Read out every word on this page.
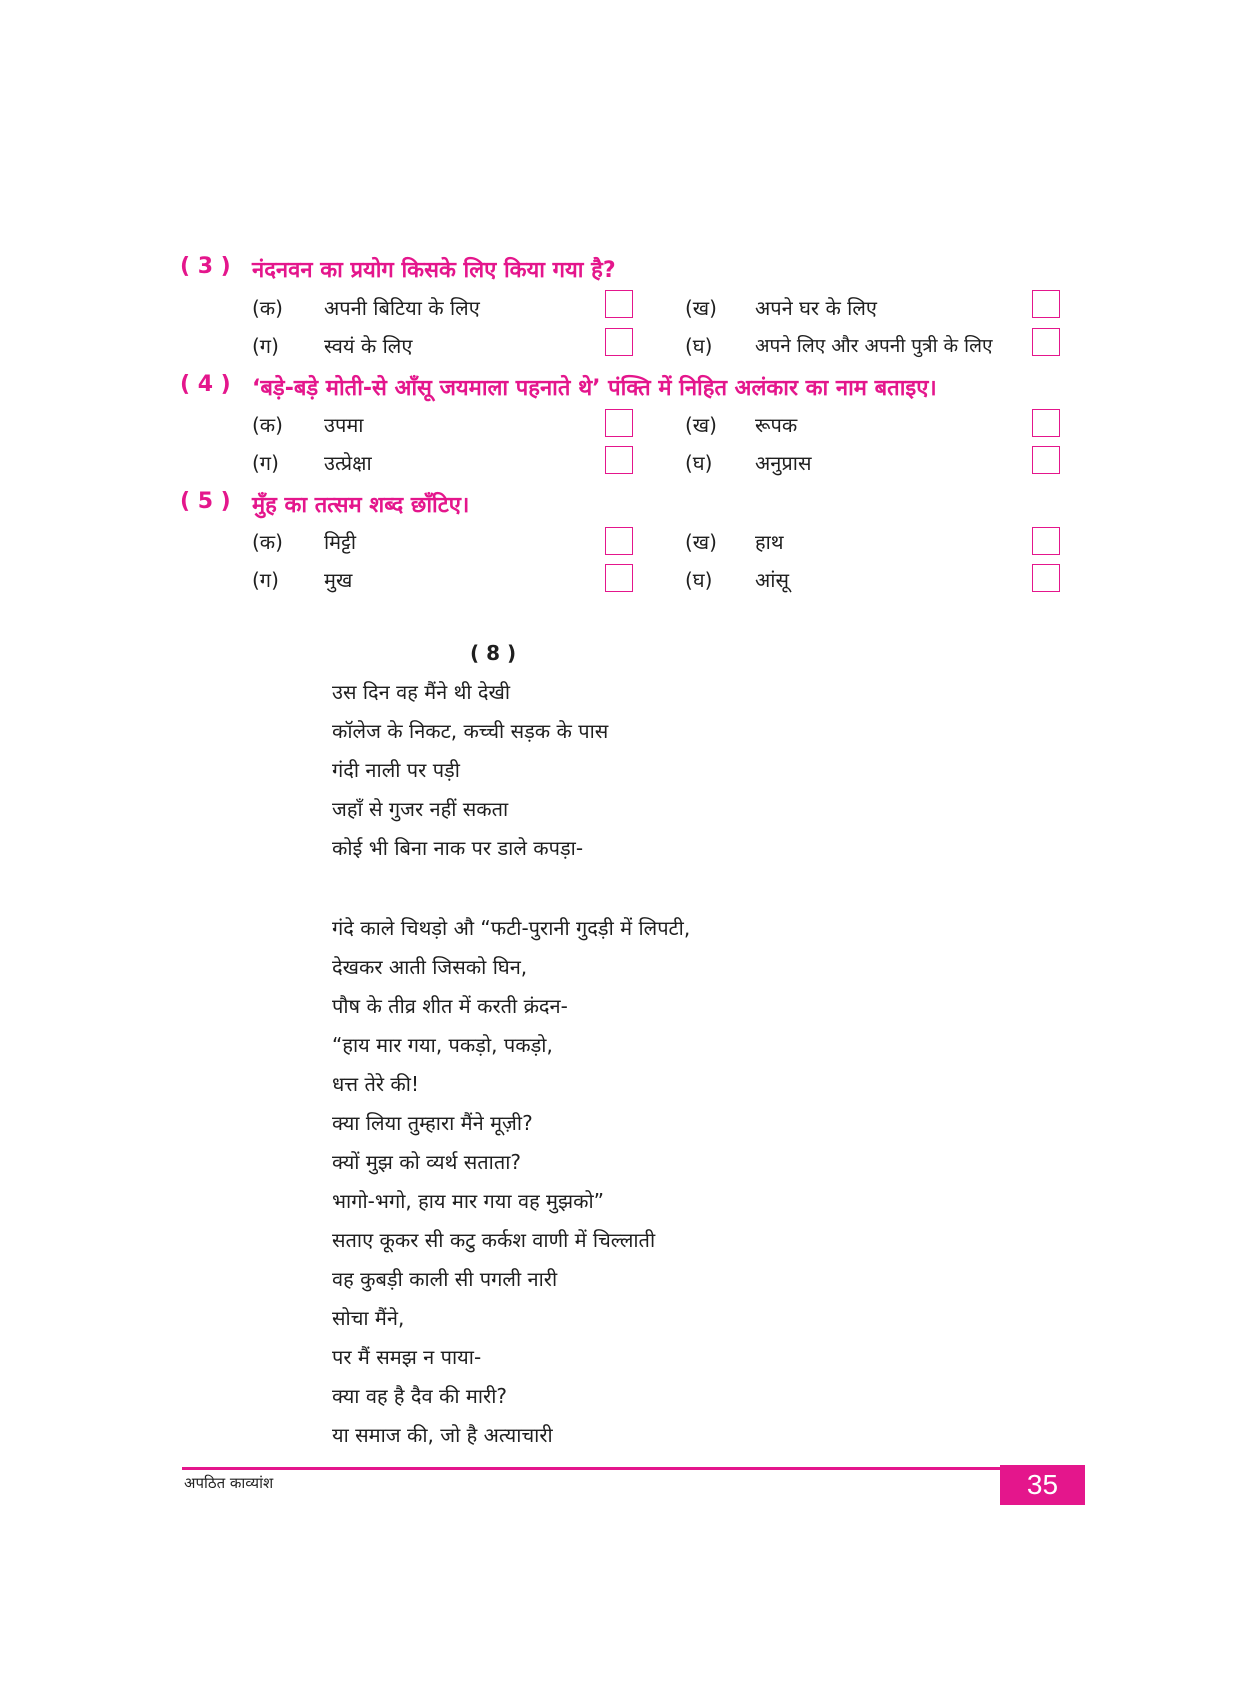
( 3 ) नंदनवन का प्रयोग किसके लिए किया गया है?
(क) अपनी बिटिया के लिए	(ख) अपने घर के लिए
(ग) स्वयं के लिए	(घ) अपने लिए और अपनी पुत्री के लिए
( 4 ) ‘बड़े-बड़े मोती-से आँसू जयमाला पहनाते थे’ पंक्ति में निहित अलंकार का नाम बताइए।
(क) उपमा	(ख) रूपक
(ग) उत्प्रेक्षा	(घ) अनुप्रास
( 5 ) मुँह का तत्सम शब्द छाँटिए।
(क) मिट्टी	(ख) हाथ
(ग) मुख	(घ) आंसू
( 8 )
उस दिन वह मैंने थी देखी
कॉलेज के निकट, कच्ची सड़क के पास
गंदी नाली पर पड़ी
जहाँ से गुजर नहीं सकता
कोई भी बिना नाक पर डाले कपड़ा-
गंदे काले चिथड़ो औ “फटी-पुरानी गुदड़ी में लिपटी,
देखकर आती जिसको घिन,
पौष के तीव्र शीत में करती क्रंदन-
“हाय मार गया, पकड़ो, पकड़ो,
धत्त तेरे की!
क्या लिया तुम्हारा मैंने मूज़ी?
क्यों मुझ को व्यर्थ सताता?
भागो-भगो, हाय मार गया वह मुझको”
सताए कूकर सी कटु कर्कश वाणी में चिल्लाती
वह कुबड़ी काली सी पगली नारी
सोचा मैंने,
पर मैं समझ न पाया-
क्या वह है दैव की मारी?
या समाज की, जो है अत्याचारी
अपठित काव्यांश	35
